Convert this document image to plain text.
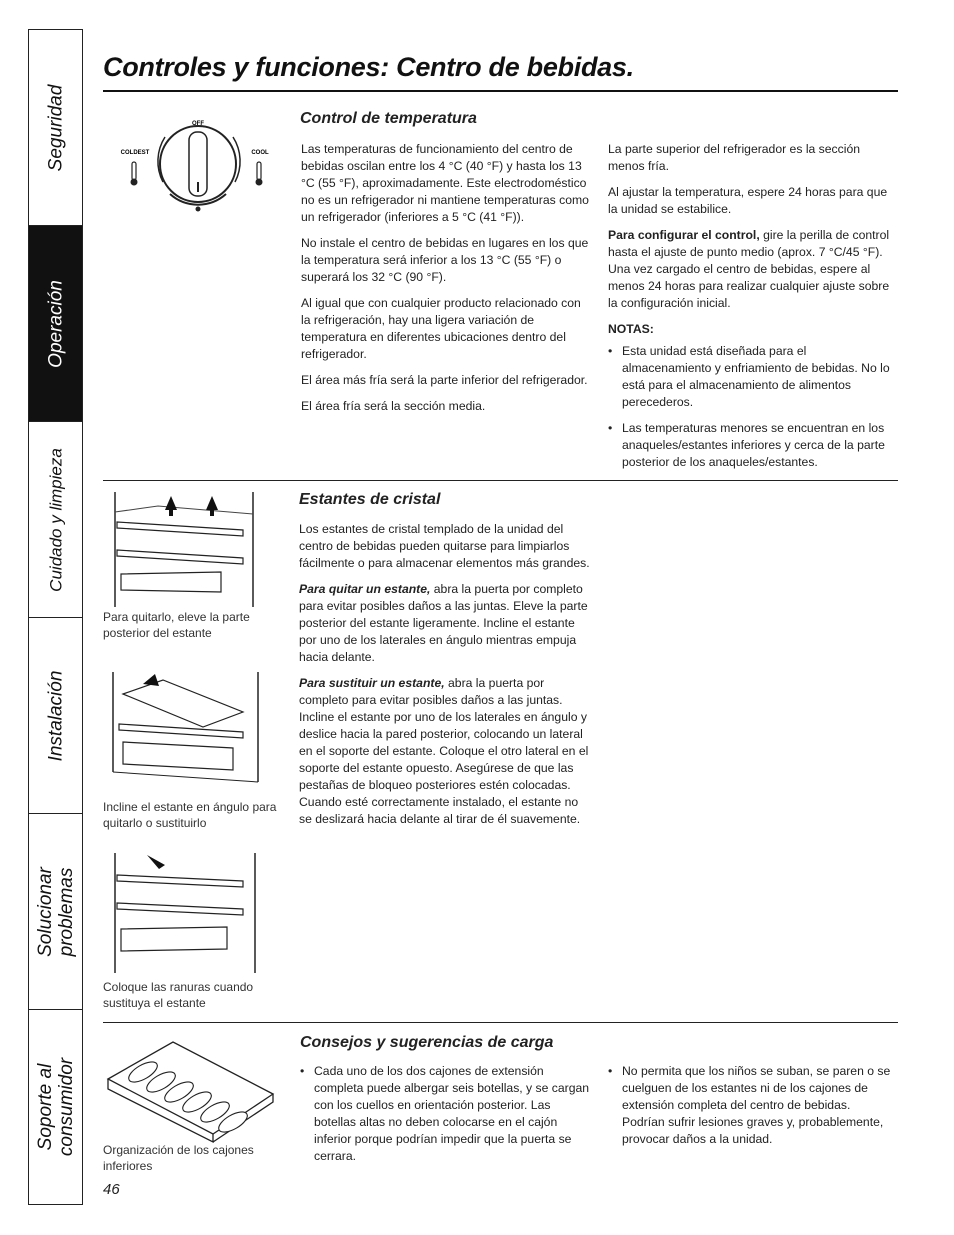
Seguridad
Operación
Cuidado y limpieza
Instalación
Solucionar
problemas
Soporte al
consumidor
Controles y funciones: Centro de bebidas.
OFF
COLDEST	COOL
Control de temperatura

Las temperaturas de funcionamiento del centro de bebidas oscilan entre los 4 °C (40 °F) y hasta los 13 °C (55 °F), aproximadamente. Este electrodoméstico no es un refrigerador ni mantiene temperaturas como un refrigerador (inferiores a 5 °C (41 °F)).

No instale el centro de bebidas en lugares en los que la temperatura será inferior a los 13 °C (55 °F) o superará los 32 °C (90 °F).

Al igual que con cualquier producto relacionado con la refrigeración, hay una ligera variación de temperatura en diferentes ubicaciones dentro del refrigerador.

El área más fría será la parte inferior del refrigerador.

El área fría será la sección media.

La parte superior del refrigerador es la sección menos fría.

Al ajustar la temperatura, espere 24 horas para que la unidad se estabilice.

Para configurar el control, gire la perilla de control hasta el ajuste de punto medio (aprox. 7 °C/45 °F). Una vez cargado el centro de bebidas, espere al menos 24 horas para realizar cualquier ajuste sobre la configuración inicial.

NOTAS:

• Esta unidad está diseñada para el almacenamiento y enfriamiento de bebidas. No lo está para el almacenamiento de alimentos perecederos.
• Las temperaturas menores se encuentran en los anaqueles/estantes inferiores y cerca de la parte posterior de los anaqueles/estantes.
Para quitarlo, eleve la parte posterior del estante
Incline el estante en ángulo para quitarlo o sustituirlo
Coloque las ranuras cuando sustituya el estante
Estantes de cristal

Los estantes de cristal templado de la unidad del centro de bebidas pueden quitarse para limpiarlos fácilmente o para almacenar elementos más grandes.

Para quitar un estante, abra la puerta por completo para evitar posibles daños a las juntas. Eleve la parte posterior del estante ligeramente. Incline el estante por uno de los laterales en ángulo mientras empuja hacia delante.

Para sustituir un estante, abra la puerta por completo para evitar posibles daños a las juntas. Incline el estante por uno de los laterales en ángulo y deslice hacia la pared posterior, colocando un lateral en el soporte del estante. Coloque el otro lateral en el soporte del estante opuesto. Asegúrese de que las pestañas de bloqueo posteriores estén colocadas. Cuando esté correctamente instalado, el estante no se deslizará hacia delante al tirar de él suavemente.

Organización de los cajones inferiores
Consejos y sugerencias de carga
• Cada uno de los dos cajones de extensión completa puede albergar seis botellas, y se cargan con los cuellos en orientación posterior. Las botellas altas no deben colocarse en el cajón inferior porque podrían impedir que la puerta se cerrara.
• No permita que los niños se suban, se paren o se cuelguen de los estantes ni de los cajones de extensión completa del centro de bebidas. Podrían sufrir lesiones graves y, probablemente, provocar daños a la unidad.
46
